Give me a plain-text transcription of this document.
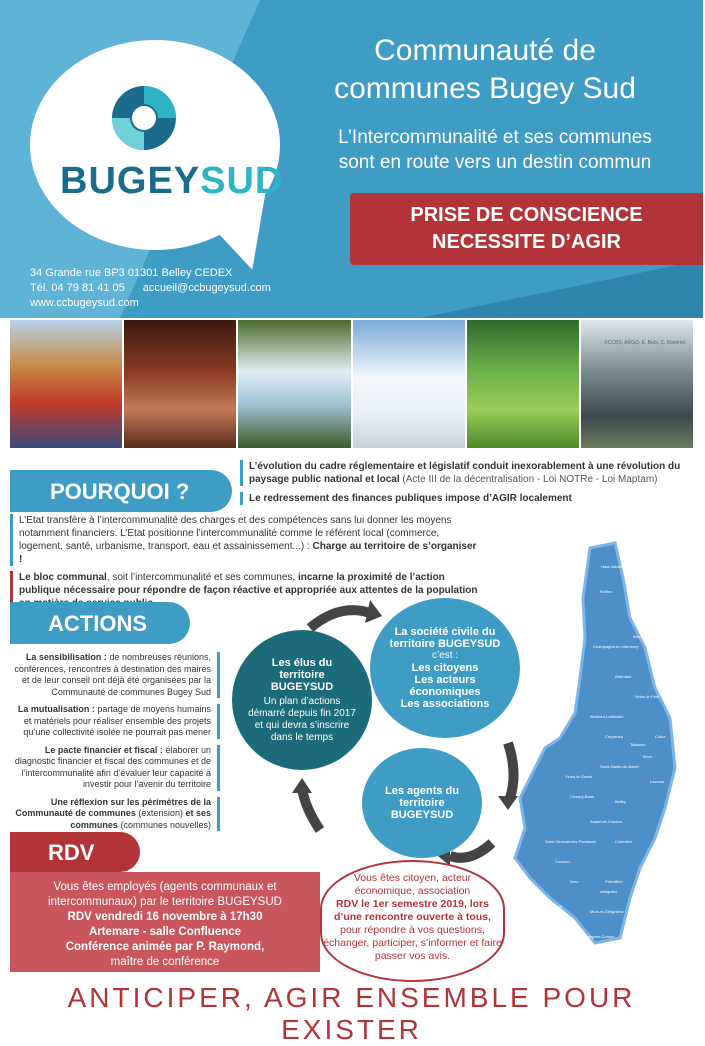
BUGEYSUD
Communauté de
communes Bugey Sud
L’Intercommunalité et ses communes
sont en route vers un destin commun
PRISE DE CONSCIENCE
NECESSITE D’AGIR
34 Grande rue BP3 01301 Belley CEDEX
Tél. 04 79 81 41 05 accueil@ccbugeysud.com
www.ccbugeysud.com
©CCBS, ARGO, E. Bebi, C. Martelet
POURQUOI ?
L’évolution du cadre réglementaire et législatif conduit inexorablement à une révolution du paysage public national et local (Acte III de la décentralisation - Loi NOTRe - Loi Maptam)
Le redressement des finances publiques impose d’AGIR localement
L’Etat transfère à l’intercommunalité des charges et des compétences sans lui donner les moyens notamment financiers. L’Etat positionne l’intercommunalité comme le référent local (commerce, logement, santé, urbanisme, transport, eau et assainissement...) : Charge au territoire de s’organiser !
Le bloc communal, soit l’intercommunalité et ses communes, incarne la proximité de l’action publique nécessaire pour répondre de façon réactive et appropriée aux attentes de la population
ACTIONS
La sensibilisation : de nombreuses réunions, conférences, rencontres à destination des maires et de leur conseil ont déjà été organisées par la Communauté de communes Bugey Sud
La mutualisation : partage de moyens humains et matériels pour réaliser ensemble des projets qu’une collectivité isolée ne pourrait pas mener
Le pacte financier et fiscal : élaborer un diagnostic financier et fiscal des communes et de l’intercommunalité afin d’évaluer leur capacité à investir pour l’avenir du territoire
Une réflexion sur les périmètres de la Communauté de communes (extension) et ses communes (communes nouvelles)
Les élus du territoire BUGEYSUD
Un plan d’actions démarré depuis fin 2017 et qui devra s’inscrire dans le temps
La société civile du territoire BUGEYSUD
c’est :
Les citoyens
Les acteurs économiques
Les associations
Les agents du territoire BUGEYSUD
Haut-Valromey
Ruffieu
Champagne-en-Valromey
Brénaz
Artemare
Virieu-le-Petit
Belmont-Luthézieu
Ceyzérieu	Culoz
Béon
Talissieu
Saint-Martin-de-Bavel
Virieu-le-Grand
Chazey-Bons
Belley
Andert-et-Condon
Brégnier-Cordon
Prémillieu
Arbignieu
Colomieu
Saint-Germain-les-Paroisses
Conzieu
Izieu
Murs-et-Gélignieux
Lavours
Groslée-Saint-Benoit
RDV
Vous êtes employés (agents communaux et
intercommunaux) par le territoire BUGEYSUD
RDV vendredi 16 novembre à 17h30
Artemare - salle Confluence
Conférence animée par P. Raymond,
maître de conférence
Vous êtes citoyen, acteur
économique, association
RDV le 1er semestre 2019, lors d’une rencontre ouverte à tous,
pour répondre à vos questions, échanger, participer, s’informer et faire passer vos avis.
ANTICIPER, AGIR ENSEMBLE POUR EXISTER
